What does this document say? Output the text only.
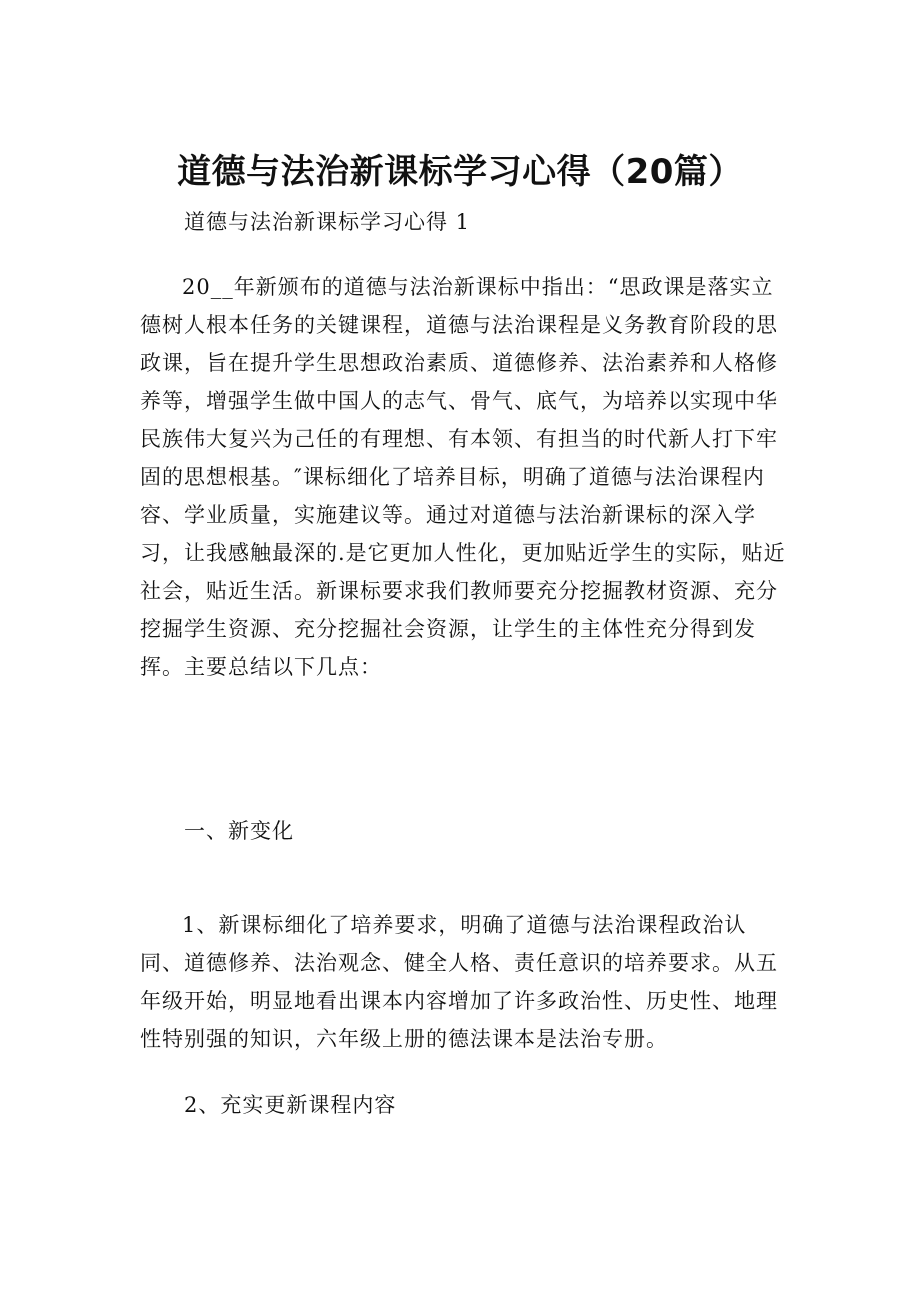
道德与法治新课标学习心得（20篇）

道德与法治新课标学习心得 1

20__年新颁布的道德与法治新课标中指出：“思政课是落实立德树人根本任务的关键课程，道德与法治课程是义务教育阶段的思政课，旨在提升学生思想政治素质、道德修养、法治素养和人格修养等，增强学生做中国人的志气、骨气、底气，为培养以实现中华民族伟大复兴为己任的有理想、有本领、有担当的时代新人打下牢固的思想根基。″课标细化了培养目标，明确了道德与法治课程内容、学业质量，实施建议等。通过对道德与法治新课标的深入学习，让我感触最深的.是它更加人性化，更加贴近学生的实际，贴近社会，贴近生活。新课标要求我们教师要充分挖掘教材资源、充分挖掘学生资源、充分挖掘社会资源，让学生的主体性充分得到发挥。主要总结以下几点：

一、新变化

1、新课标细化了培养要求，明确了道德与法治课程政治认同、道德修养、法治观念、健全人格、责任意识的培养要求。从五年级开始，明显地看出课本内容增加了许多政治性、历史性、地理性特别强的知识，六年级上册的德法课本是法治专册。

2、充实更新课程内容
